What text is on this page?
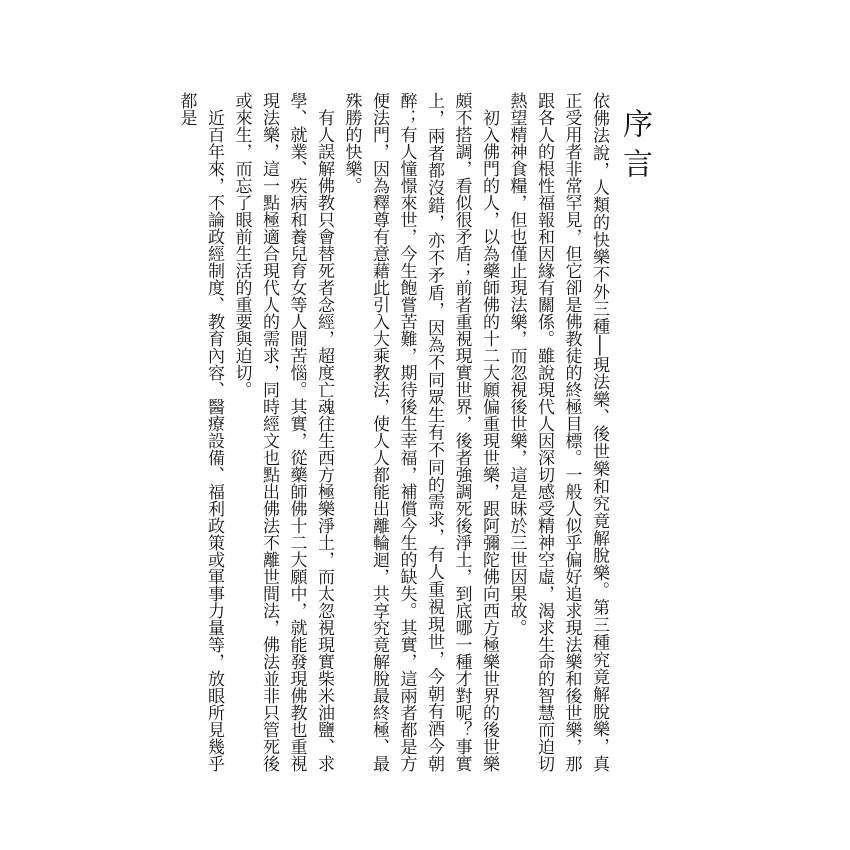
序言

依佛法說，人類的快樂不外三種──現法樂、後世樂和究竟解脫樂。第三種究竟解脫樂，真正受用者非常罕見，但它卻是佛教徒的終極目標。一般人似乎偏好追求現法樂和後世樂，那跟各人的根性福報和因緣有關係。雖說現代人因深切感受精神空虛，渴求生命的智慧而迫切熱望精神食糧，但也僅止現法樂，而忽視後世樂，這是昧於三世因果故。

初入佛門的人，以為藥師佛的十二大願偏重現世樂，跟阿彌陀佛向西方極樂世界的後世樂頗不搭調，看似很矛盾；前者重視現實世界，後者強調死後淨土，到底哪一種才對呢？事實上，兩者都沒錯，亦不矛盾，因為不同眾生有不同的需求，有人重視現世，今朝有酒今朝醉；有人憧憬來世，今生飽嘗苦難，期待後生幸福，補償今生的缺失。其實，這兩者都是方便法門，因為釋尊有意藉此引入大乘教法，使人人都能出離輪迴，共享究竟解脫最終極、最殊勝的快樂。

有人誤解佛教只會替死者念經，超度亡魂往生西方極樂淨土，而太忽視現實柴米油鹽、求學、就業、疾病和養兒育女等人間苦惱。其實，從藥師佛十二大願中，就能發現佛教也重視現法樂，這一點極適合現代人的需求，同時經文也點出佛法不離世間法，佛法並非只管死後或來生，而忘了眼前生活的重要與迫切。

近百年來，不論政經制度、教育內容、醫療設備、福利政策或軍事力量等，放眼所見幾乎都是
